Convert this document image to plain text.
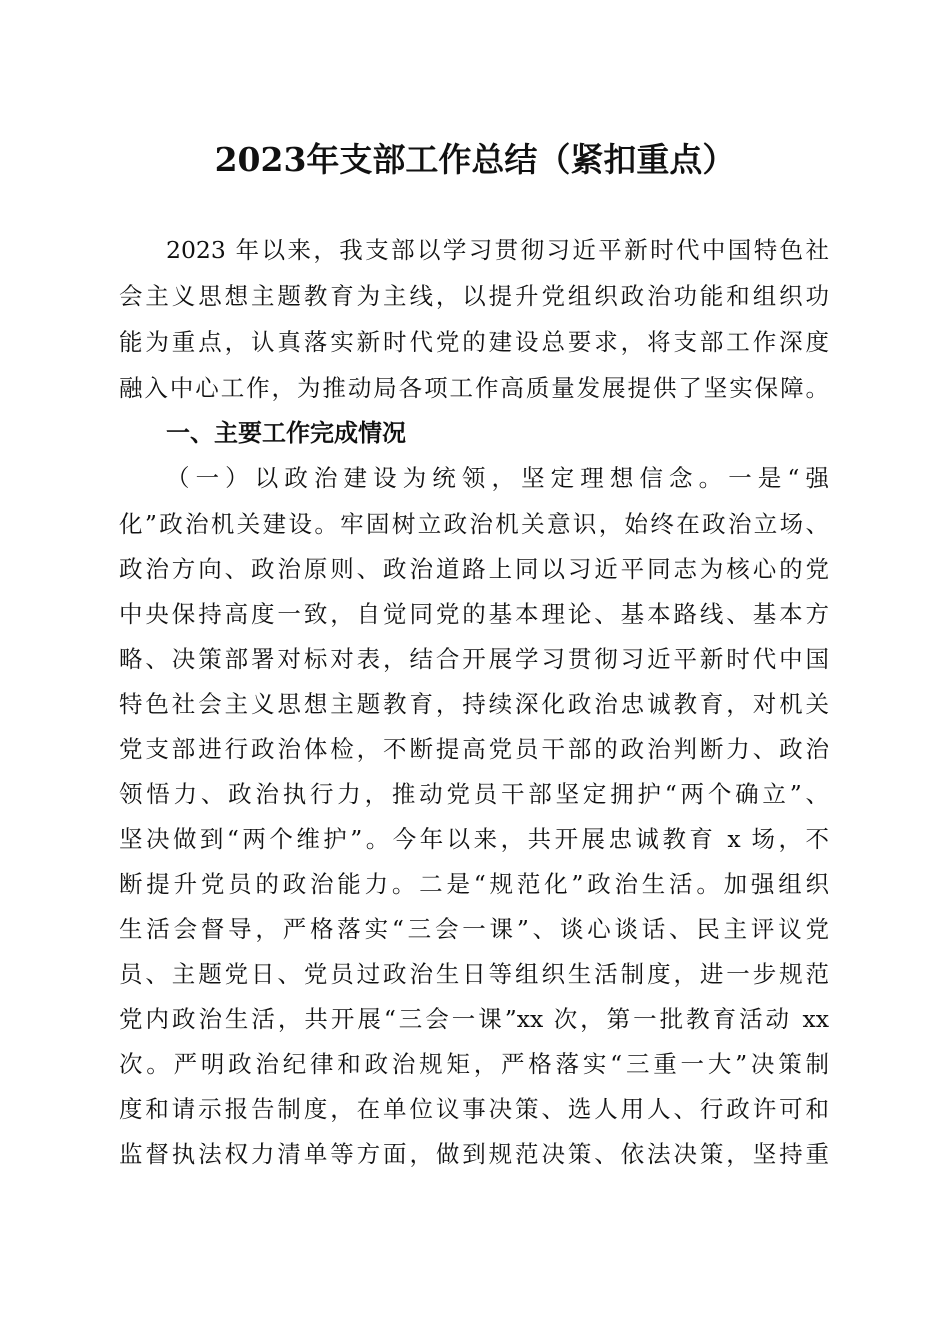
2023年支部工作总结（紧扣重点）
2023 年以来，我支部以学习贯彻习近平新时代中国特色社
会主义思想主题教育为主线，以提升党组织政治功能和组织功
能为重点，认真落实新时代党的建设总要求，将支部工作深度
融入中心工作，为推动局各项工作高质量发展提供了坚实保障。
一、主要工作完成情况
（一）以政治建设为统领，坚定理想信念。一是“强
化”政治机关建设。牢固树立政治机关意识，始终在政治立场、
政治方向、政治原则、政治道路上同以习近平同志为核心的党
中央保持高度一致，自觉同党的基本理论、基本路线、基本方
略、决策部署对标对表，结合开展学习贯彻习近平新时代中国
特色社会主义思想主题教育，持续深化政治忠诚教育，对机关
党支部进行政治体检，不断提高党员干部的政治判断力、政治
领悟力、政治执行力，推动党员干部坚定拥护“两个确立”、
坚决做到“两个维护”。今年以来，共开展忠诚教育 x 场，不
断提升党员的政治能力。二是“规范化”政治生活。加强组织
生活会督导，严格落实“三会一课”、谈心谈话、民主评议党
员、主题党日、党员过政治生日等组织生活制度，进一步规范
党内政治生活，共开展“三会一课”xx 次，第一批教育活动 xx
次。严明政治纪律和政治规矩，严格落实“三重一大”决策制
度和请示报告制度，在单位议事决策、选人用人、行政许可和
监督执法权力清单等方面，做到规范决策、依法决策，坚持重
